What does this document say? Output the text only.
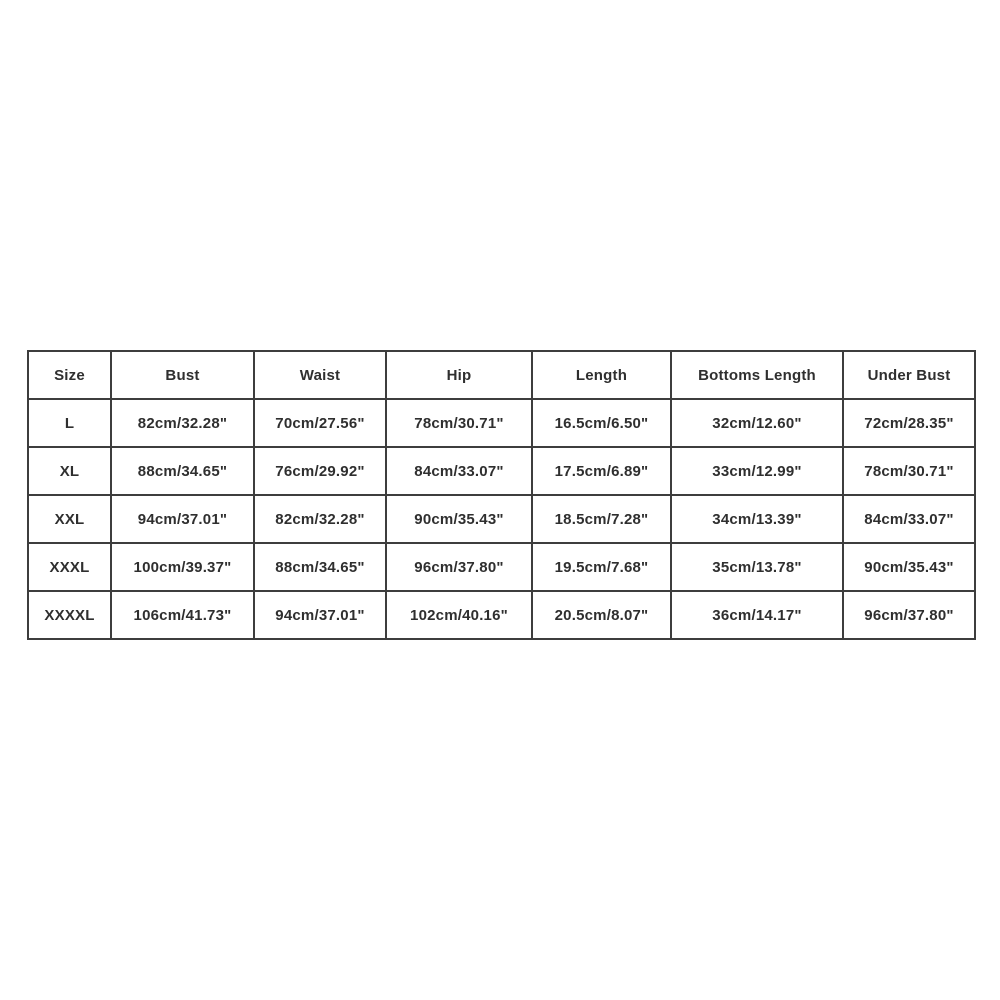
Size	Bust	Waist	Hip	Length	Bottoms Length	Under Bust
L	82cm/32.28"	70cm/27.56"	78cm/30.71"	16.5cm/6.50"	32cm/12.60"	72cm/28.35"
XL	88cm/34.65"	76cm/29.92"	84cm/33.07"	17.5cm/6.89"	33cm/12.99"	78cm/30.71"
XXL	94cm/37.01"	82cm/32.28"	90cm/35.43"	18.5cm/7.28"	34cm/13.39"	84cm/33.07"
XXXL	100cm/39.37"	88cm/34.65"	96cm/37.80"	19.5cm/7.68"	35cm/13.78"	90cm/35.43"
XXXXL	106cm/41.73"	94cm/37.01"	102cm/40.16"	20.5cm/8.07"	36cm/14.17"	96cm/37.80"
